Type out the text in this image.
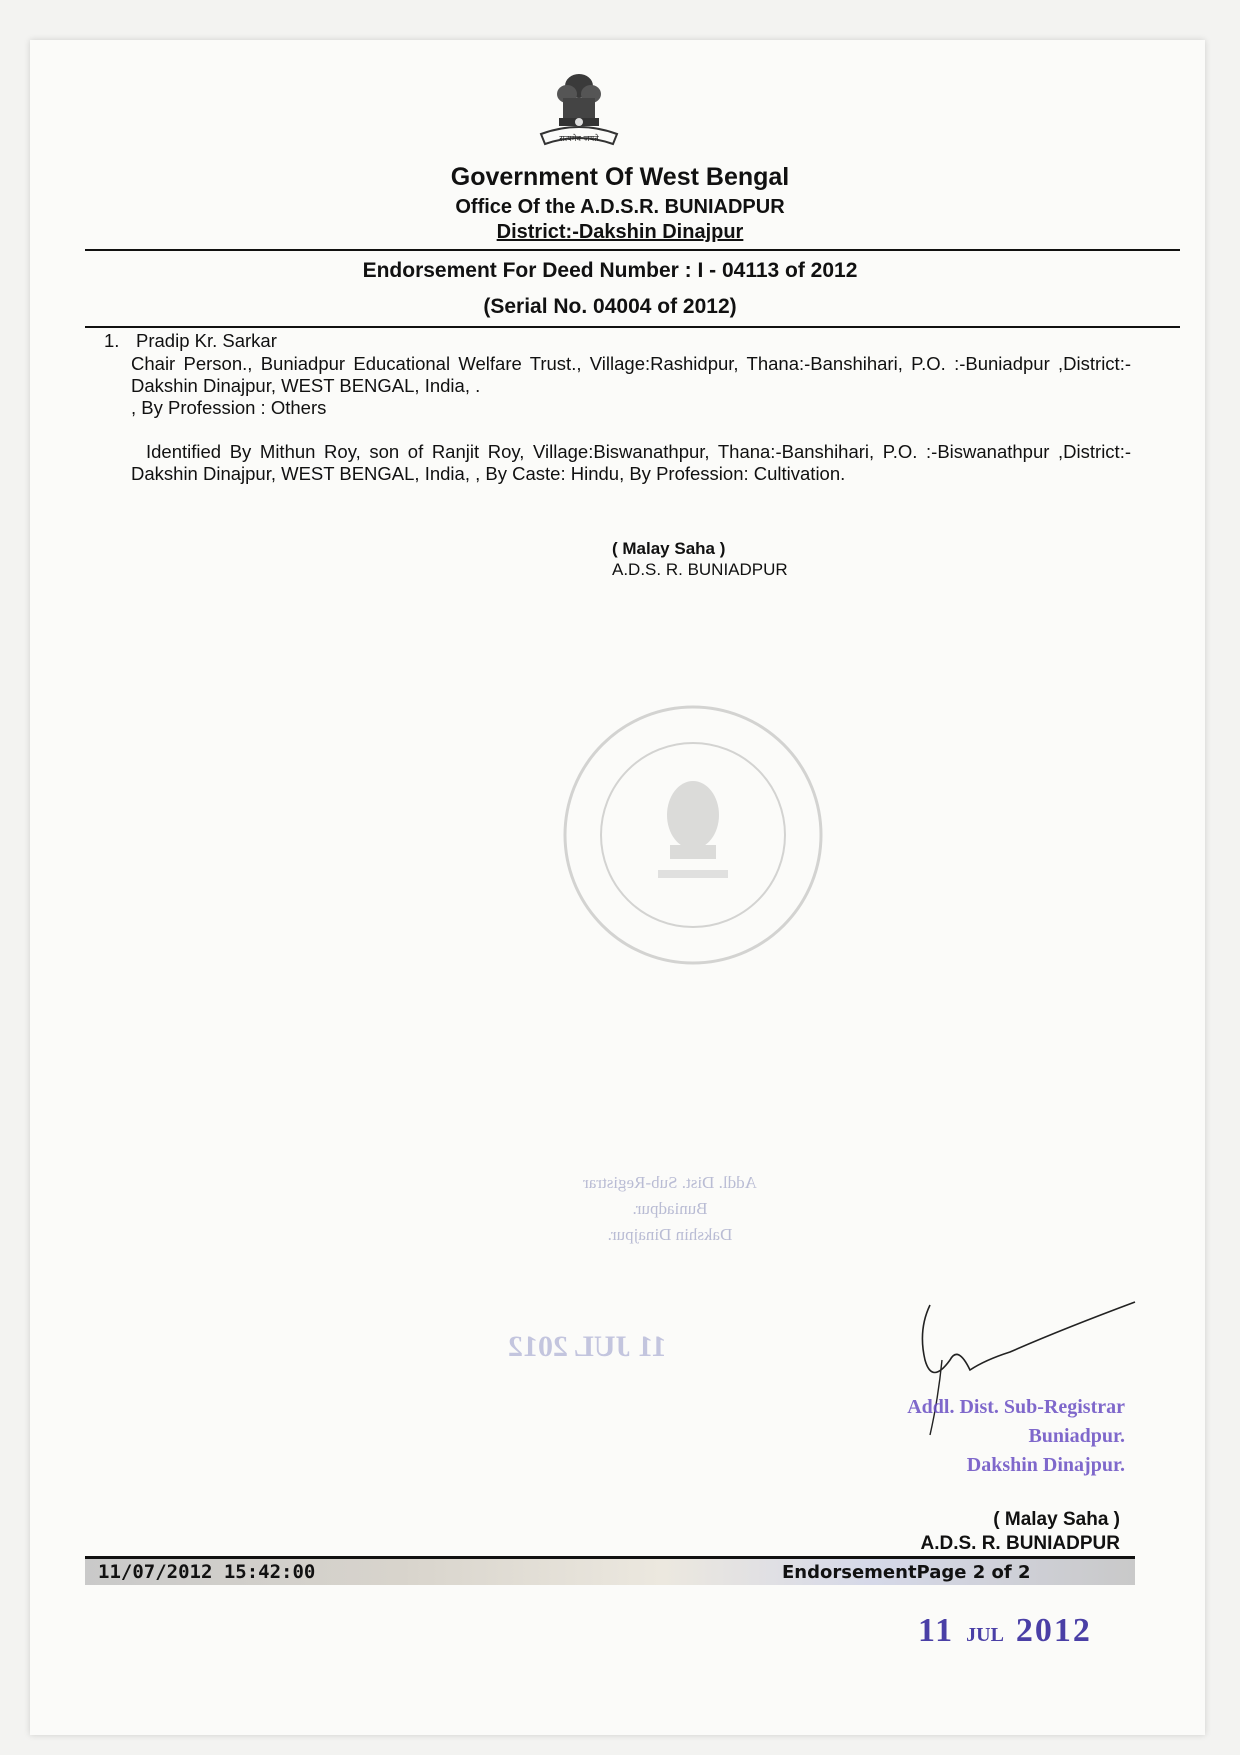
सत्यमेव जयते
Government Of West Bengal
Office Of the A.D.S.R. BUNIADPUR
District:-Dakshin Dinajpur
Endorsement For Deed Number : I - 04113 of 2012
(Serial No. 04004 of 2012)
1. Pradip Kr. Sarkar
Chair Person., Buniadpur Educational Welfare Trust., Village:Rashidpur, Thana:-Banshihari, P.O. :-Buniadpur ,District:-Dakshin Dinajpur, WEST BENGAL, India, .
, By Profession : Others
Identified By Mithun Roy, son of Ranjit Roy, Village:Biswanathpur, Thana:-Banshihari, P.O. :-Biswanathpur ,District:-Dakshin Dinajpur, WEST BENGAL, India, , By Caste: Hindu, By Profession: Cultivation.
( Malay Saha )
A.D.S. R. BUNIADPUR
Addl. Dist. Sub-Registrar
Buniadpur.
Dakshin Dinajpur.
11 JUL 2012
Addl. Dist. Sub-Registrar
Buniadpur.
Dakshin Dinajpur.
( Malay Saha )
A.D.S. R. BUNIADPUR
11/07/2012 15:42:00	EndorsementPage 2 of 2
11 JUL 2012
